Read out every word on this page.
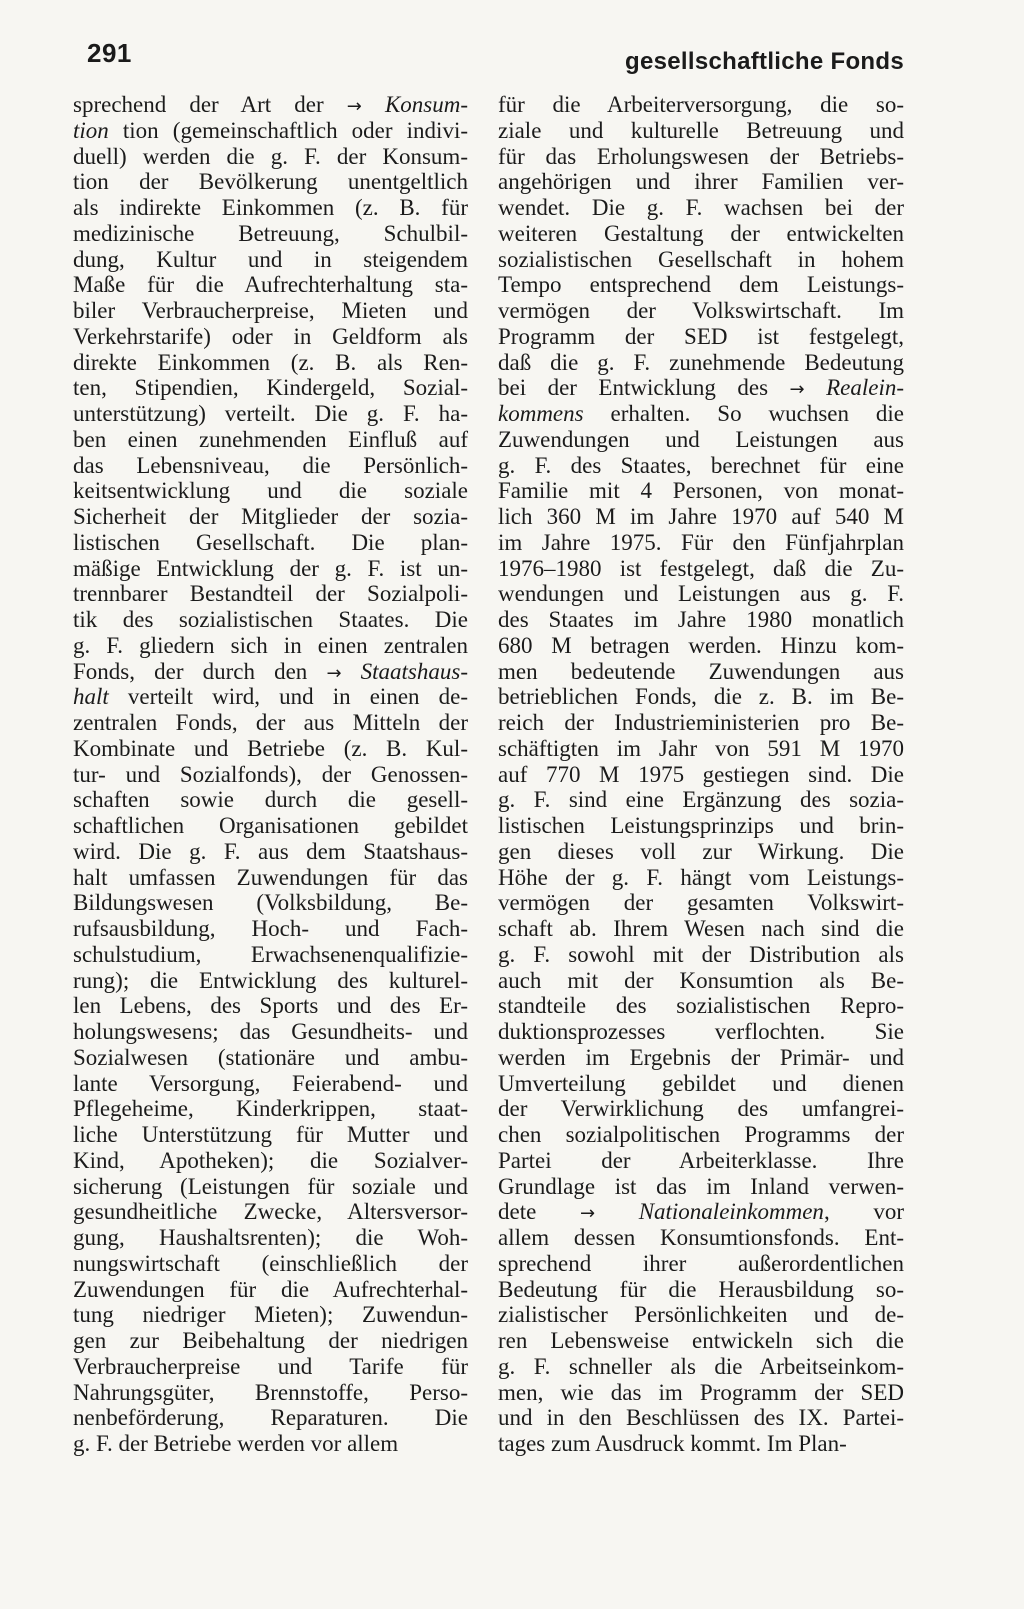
291	gesellschaftliche Fonds
sprechend der Art der → Konsum-
tion tion (gemeinschaftlich oder indivi-
duell) werden die g. F. der Konsum-
tion der Bevölkerung unentgeltlich
als indirekte Einkommen (z. B. für
medizinische Betreuung, Schulbil-
dung, Kultur und in steigendem
Maße für die Aufrechterhaltung sta-
biler Verbraucherpreise, Mieten und
Verkehrstarife) oder in Geldform als
direkte Einkommen (z. B. als Ren-
ten, Stipendien, Kindergeld, Sozial-
unterstützung) verteilt. Die g. F. ha-
ben einen zunehmenden Einfluß auf
das Lebensniveau, die Persönlich-
keitsentwicklung und die soziale
Sicherheit der Mitglieder der sozia-
listischen Gesellschaft. Die plan-
mäßige Entwicklung der g. F. ist un-
trennbarer Bestandteil der Sozialpoli-
tik des sozialistischen Staates. Die
g. F. gliedern sich in einen zentralen
Fonds, der durch den → Staatshaus-
halt verteilt wird, und in einen de-
zentralen Fonds, der aus Mitteln der
Kombinate und Betriebe (z. B. Kul-
tur- und Sozialfonds), der Genossen-
schaften sowie durch die gesell-
schaftlichen Organisationen gebildet
wird. Die g. F. aus dem Staatshaus-
halt umfassen Zuwendungen für das
Bildungswesen (Volksbildung, Be-
rufsausbildung, Hoch- und Fach-
schulstudium, Erwachsenenqualifizie-
rung); die Entwicklung des kulturel-
len Lebens, des Sports und des Er-
holungswesens; das Gesundheits- und
Sozialwesen (stationäre und ambu-
lante Versorgung, Feierabend- und
Pflegeheime, Kinderkrippen, staat-
liche Unterstützung für Mutter und
Kind, Apotheken); die Sozialver-
sicherung (Leistungen für soziale und
gesundheitliche Zwecke, Altersversor-
gung, Haushaltsrenten); die Woh-
nungswirtschaft (einschließlich der
Zuwendungen für die Aufrechterhal-
tung niedriger Mieten); Zuwendun-
gen zur Beibehaltung der niedrigen
Verbraucherpreise und Tarife für
Nahrungsgüter, Brennstoffe, Perso-
nenbeförderung, Reparaturen. Die
g. F. der Betriebe werden vor allem
für die Arbeiterversorgung, die so-
ziale und kulturelle Betreuung und
für das Erholungswesen der Betriebs-
angehörigen und ihrer Familien ver-
wendet. Die g. F. wachsen bei der
weiteren Gestaltung der entwickelten
sozialistischen Gesellschaft in hohem
Tempo entsprechend dem Leistungs-
vermögen der Volkswirtschaft. Im
Programm der SED ist festgelegt,
daß die g. F. zunehmende Bedeutung
bei der Entwicklung des → Realein-
kommens erhalten. So wuchsen die
Zuwendungen und Leistungen aus
g. F. des Staates, berechnet für eine
Familie mit 4 Personen, von monat-
lich 360 M im Jahre 1970 auf 540 M
im Jahre 1975. Für den Fünfjahrplan
1976–1980 ist festgelegt, daß die Zu-
wendungen und Leistungen aus g. F.
des Staates im Jahre 1980 monatlich
680 M betragen werden. Hinzu kom-
men bedeutende Zuwendungen aus
betrieblichen Fonds, die z. B. im Be-
reich der Industrieministerien pro Be-
schäftigten im Jahr von 591 M 1970
auf 770 M 1975 gestiegen sind. Die
g. F. sind eine Ergänzung des sozia-
listischen Leistungsprinzips und brin-
gen dieses voll zur Wirkung. Die
Höhe der g. F. hängt vom Leistungs-
vermögen der gesamten Volkswirt-
schaft ab. Ihrem Wesen nach sind die
g. F. sowohl mit der Distribution als
auch mit der Konsumtion als Be-
standteile des sozialistischen Repro-
duktionsprozesses verflochten. Sie
werden im Ergebnis der Primär- und
Umverteilung gebildet und dienen
der Verwirklichung des umfangrei-
chen sozialpolitischen Programms der
Partei der Arbeiterklasse. Ihre
Grundlage ist das im Inland verwen-
dete → Nationaleinkommen, vor
allem dessen Konsumtionsfonds. Ent-
sprechend ihrer außerordentlichen
Bedeutung für die Herausbildung so-
zialistischer Persönlichkeiten und de-
ren Lebensweise entwickeln sich die
g. F. schneller als die Arbeitseinkom-
men, wie das im Programm der SED
und in den Beschlüssen des IX. Partei-
tages zum Ausdruck kommt. Im Plan-
